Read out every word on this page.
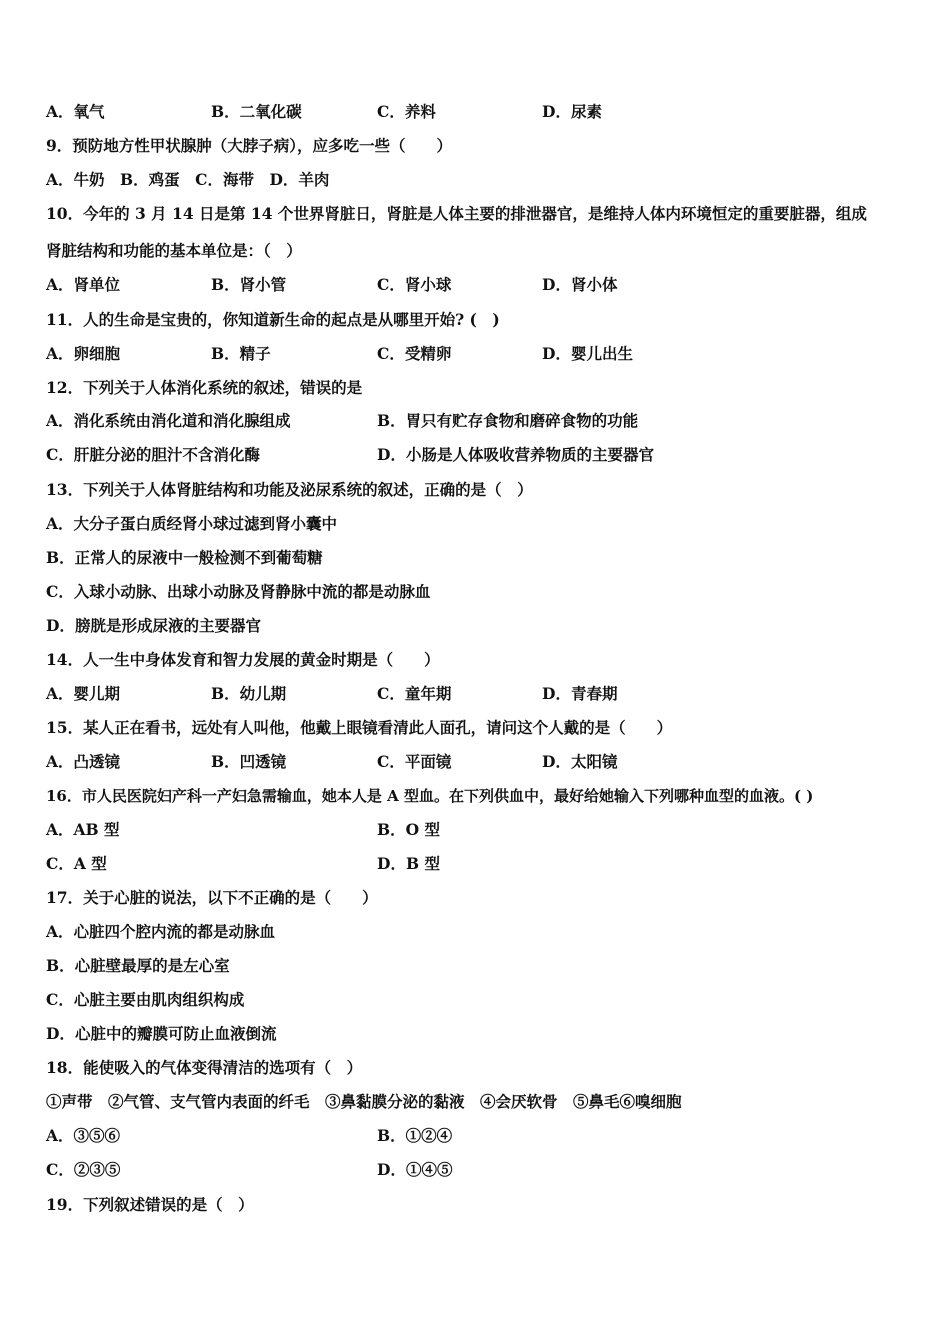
A．氧气	B．二氧化碳	C．养料	D．尿素
9．预防地方性甲状腺肿（大脖子病），应多吃一些（　　）
A．牛奶　B．鸡蛋　C．海带　D．羊肉
10．今年的 3 月 14 日是第 14 个世界肾脏日，肾脏是人体主要的排泄器官，是维持人体内环境恒定的重要脏器，组成
肾脏结构和功能的基本单位是：（　）
A．肾单位	B．肾小管	C．肾小球	D．肾小体
11．人的生命是宝贵的，你知道新生命的起点是从哪里开始? (　)
A．卵细胞	B．精子	C．受精卵	D．婴儿出生
12．下列关于人体消化系统的叙述，错误的是
A．消化系统由消化道和消化腺组成	B．胃只有贮存食物和磨碎食物的功能
C．肝脏分泌的胆汁不含消化酶	D．小肠是人体吸收营养物质的主要器官
13．下列关于人体肾脏结构和功能及泌尿系统的叙述，正确的是（　）
A．大分子蛋白质经肾小球过滤到肾小囊中
B．正常人的尿液中一般检测不到葡萄糖
C．入球小动脉、出球小动脉及肾静脉中流的都是动脉血
D．膀胱是形成尿液的主要器官
14．人一生中身体发育和智力发展的黄金时期是（　　）
A．婴儿期	B．幼儿期	C．童年期	D．青春期
15．某人正在看书，远处有人叫他，他戴上眼镜看清此人面孔，请问这个人戴的是（　　）
A．凸透镜	B．凹透镜	C．平面镜	D．太阳镜
16．市人民医院妇产科一产妇急需输血，她本人是 A 型血。在下列供血中，最好给她输入下列哪种血型的血液。( )
A．AB 型	B．O 型
C．A 型	D．B 型
17．关于心脏的说法，以下不正确的是（　　）
A．心脏四个腔内流的都是动脉血
B．心脏壁最厚的是左心室
C．心脏主要由肌肉组织构成
D．心脏中的瓣膜可防止血液倒流
18．能使吸入的气体变得清洁的选项有（　）
①声带　②气管、支气管内表面的纤毛　③鼻黏膜分泌的黏液　④会厌软骨　⑤鼻毛⑥嗅细胞
A．③⑤⑥	B．①②④
C．②③⑤	D．①④⑤
19．下列叙述错误的是（　）
